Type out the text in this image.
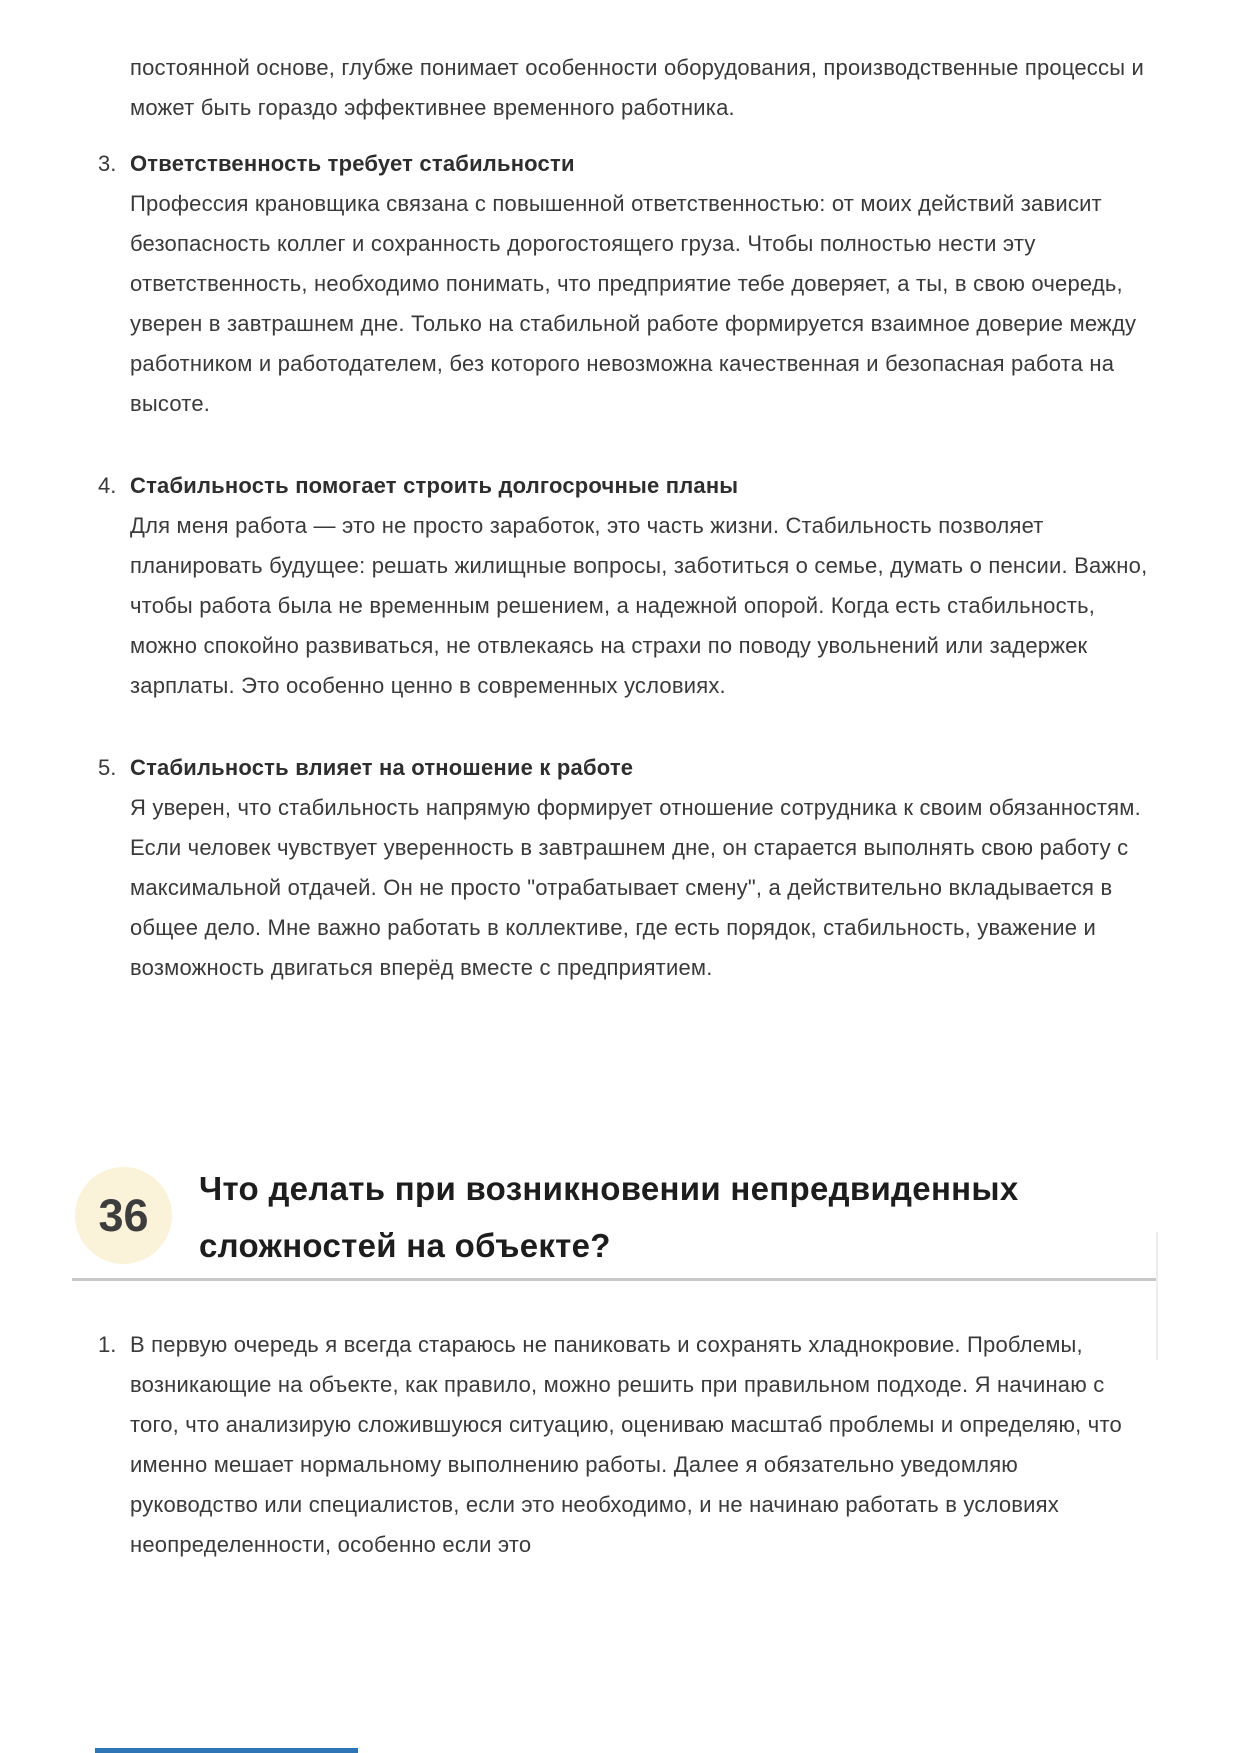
постоянной основе, глубже понимает особенности оборудования, производственные процессы и может быть гораздо эффективнее временного работника.
3. Ответственность требует стабильности
Профессия крановщика связана с повышенной ответственностью: от моих действий зависит безопасность коллег и сохранность дорогостоящего груза. Чтобы полностью нести эту ответственность, необходимо понимать, что предприятие тебе доверяет, а ты, в свою очередь, уверен в завтрашнем дне. Только на стабильной работе формируется взаимное доверие между работником и работодателем, без которого невозможна качественная и безопасная работа на высоте.
4. Стабильность помогает строить долгосрочные планы
Для меня работа — это не просто заработок, это часть жизни. Стабильность позволяет планировать будущее: решать жилищные вопросы, заботиться о семье, думать о пенсии. Важно, чтобы работа была не временным решением, а надежной опорой. Когда есть стабильность, можно спокойно развиваться, не отвлекаясь на страхи по поводу увольнений или задержек зарплаты. Это особенно ценно в современных условиях.
5. Стабильность влияет на отношение к работе
Я уверен, что стабильность напрямую формирует отношение сотрудника к своим обязанностям. Если человек чувствует уверенность в завтрашнем дне, он старается выполнять свою работу с максимальной отдачей. Он не просто "отрабатывает смену", а действительно вкладывается в общее дело. Мне важно работать в коллективе, где есть порядок, стабильность, уважение и возможность двигаться вперёд вместе с предприятием.
36
Что делать при возникновении непредвиденных сложностей на объекте?
1. В первую очередь я всегда стараюсь не паниковать и сохранять хладнокровие. Проблемы, возникающие на объекте, как правило, можно решить при правильном подходе. Я начинаю с того, что анализирую сложившуюся ситуацию, оцениваю масштаб проблемы и определяю, что именно мешает нормальному выполнению работы. Далее я обязательно уведомляю руководство или специалистов, если это необходимо, и не начинаю работать в условиях неопределенности, особенно если это
